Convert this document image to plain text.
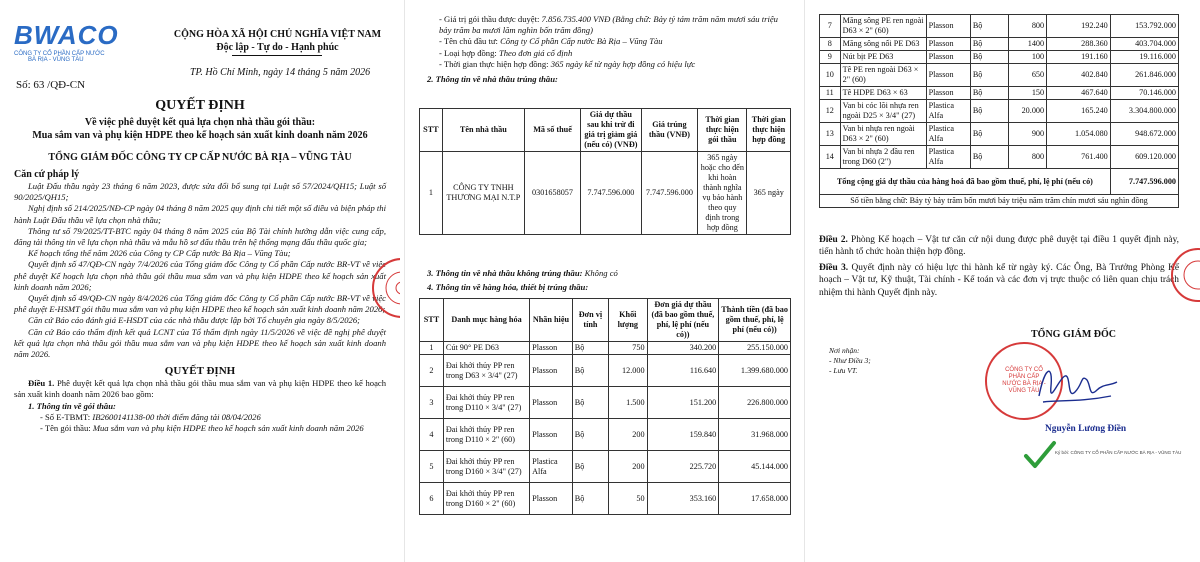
BWACO
CÔNG TY CỔ PHẦN CẤP NƯỚC
BÀ RỊA - VŨNG TÀU
Số: 63 /QĐ-CN
CỘNG HÒA XÃ HỘI CHỦ NGHĨA VIỆT NAM
Độc lập - Tự do - Hạnh phúc
TP. Hồ Chí Minh, ngày 14 tháng 5 năm 2026
QUYẾT ĐỊNH
Về việc phê duyệt kết quả lựa chọn nhà thầu gói thầu:
Mua sắm van và phụ kiện HDPE theo kế hoạch sản xuất kinh doanh năm 2026
TỔNG GIÁM ĐỐC CÔNG TY CP CẤP NƯỚC BÀ RỊA – VŨNG TÀU

Căn cứ pháp lý

Luật Đấu thầu ngày 23 tháng 6 năm 2023, được sửa đổi bổ sung tại Luật số 57/2024/QH15; Luật số 90/2025/QH15;

Nghị định số 214/2025/NĐ-CP ngày 04 tháng 8 năm 2025 quy định chi tiết một số điều và biện pháp thi hành Luật Đấu thầu về lựa chọn nhà thầu;

Thông tư số 79/2025/TT-BTC ngày 04 tháng 8 năm 2025 của Bộ Tài chính hướng dẫn việc cung cấp, đăng tải thông tin về lựa chọn nhà thầu và mẫu hồ sơ đấu thầu trên hệ thống mạng đấu thầu quốc gia;

Kế hoạch tổng thể năm 2026 của Công ty CP Cấp nước Bà Rịa – Vũng Tàu;

Quyết định số 47/QĐ-CN ngày 7/4/2026 của Tổng giám đốc Công ty Cổ phần Cấp nước BR-VT về việc phê duyệt Kế hoạch lựa chọn nhà thầu gói thầu mua sắm van và phụ kiện HDPE theo kế hoạch sản xuất kinh doanh năm 2026;

Quyết định số 49/QĐ-CN ngày 8/4/2026 của Tổng giám đốc Công ty Cổ phần Cấp nước BR-VT về việc phê duyệt E-HSMT gói thầu mua sắm van và phụ kiện HDPE theo kế hoạch sản xuất kinh doanh năm 2026;

Căn cứ Báo cáo đánh giá E-HSDT của các nhà thầu được lập bởi Tổ chuyên gia ngày 8/5/2026;

Căn cứ Báo cáo thẩm định kết quả LCNT của Tổ thẩm định ngày 11/5/2026 về việc đề nghị phê duyệt kết quả lựa chọn nhà thầu gói thầu mua sắm van và phụ kiện HDPE theo kế hoạch sản xuất kinh doanh năm 2026.

QUYẾT ĐỊNH

Điều 1. Phê duyệt kết quả lựa chọn nhà thầu gói thầu mua sắm van và phụ kiện HDPE theo kế hoạch sản xuất kinh doanh năm 2026 bao gồm:

1. Thông tin về gói thầu:

- Số E-TBMT: IB2600141138-00 thời điểm đăng tải 08/04/2026

- Tên gói thầu: Mua sắm van và phụ kiện HDPE theo kế hoạch sản xuất kinh doanh năm 2026

- Giá trị gói thầu được duyệt: 7.856.735.400 VNĐ (Bằng chữ: Bảy tỷ tám trăm năm mươi sáu triệu bảy trăm ba mươi lăm nghìn bốn trăm đồng)

- Tên chủ đầu tư: Công ty Cổ phần Cấp nước Bà Rịa – Vũng Tàu

- Loại hợp đồng: Theo đơn giá cố định

- Thời gian thực hiện hợp đồng: 365 ngày kể từ ngày hợp đồng có hiệu lực

2. Thông tin về nhà thầu trúng thầu:

STT	Tên nhà thầu	Mã số thuế	Giá dự thầu sau khi trừ đi giá trị giảm giá (nếu có) (VNĐ)	Giá trúng thầu (VNĐ)	Thời gian thực hiện gói thầu	Thời gian thực hiện hợp đồng
1	CÔNG TY TNHH THƯƠNG MẠI N.T.P	0301658057	7.747.596.000	7.747.596.000	365 ngày hoặc cho đến khi hoàn thành nghĩa vụ bảo hành theo quy định trong hợp đồng	365 ngày
3. Thông tin về nhà thầu không trúng thầu: Không có
4. Thông tin về hàng hóa, thiết bị trúng thầu:
STT	Danh mục hàng hóa	Nhãn hiệu	Đơn vị tính	Khối lượng	Đơn giá dự thầu (đã bao gồm thuế, phí, lệ phí (nếu có))	Thành tiền (đã bao gồm thuế, phí, lệ phí (nếu có))
1	Cút 90° PE D63	Plasson	Bộ	750	340.200	255.150.000
2	Đai khởi thủy PP ren trong D63 × 3/4" (27)	Plasson	Bộ	12.000	116.640	1.399.680.000
3	Đai khởi thủy PP ren trong D110 × 3/4" (27)	Plasson	Bộ	1.500	151.200	226.800.000
4	Đai khởi thủy PP ren trong D110 × 2" (60)	Plasson	Bộ	200	159.840	31.968.000
5	Đai khởi thủy PP ren trong D160 × 3/4" (27)	Plastica Alfa	Bộ	200	225.720	45.144.000
6	Đai khởi thủy PP ren trong D160 × 2" (60)	Plasson	Bộ	50	353.160	17.658.000
7	Măng sông PE ren ngoài D63 × 2" (60)	Plasson	Bộ	800	192.240	153.792.000
8	Măng sông nối PE D63	Plasson	Bộ	1400	288.360	403.704.000
9	Nút bịt PE D63	Plasson	Bộ	100	191.160	19.116.000
10	Tê PE ren ngoài D63 × 2" (60)	Plasson	Bộ	650	402.840	261.846.000
11	Tê HDPE D63 × 63	Plasson	Bộ	150	467.640	70.146.000
12	Van bi cóc lõi nhựa ren ngoài D25 × 3/4" (27)	Plastica Alfa	Bộ	20.000	165.240	3.304.800.000
13	Van bi nhựa ren ngoài D63 × 2" (60)	Plastica Alfa	Bộ	900	1.054.080	948.672.000
14	Van bi nhựa 2 đầu ren trong D60 (2")	Plastica Alfa	Bộ	800	761.400	609.120.000
Tổng cộng giá dự thầu của hàng hoá đã bao gồm thuế, phí, lệ phí (nếu có)						7.747.596.000
Số tiền bằng chữ: Bảy tỷ bảy trăm bốn mươi bảy triệu năm trăm chín mươi sáu nghìn đồng						

Điều 2. Phòng Kế hoạch – Vật tư căn cứ nội dung được phê duyệt tại điều 1 quyết định này, tiến hành tổ chức hoàn thiện hợp đồng.

Điều 3. Quyết định này có hiệu lực thi hành kể từ ngày ký. Các Ông, Bà Trưởng Phòng Kế hoạch – Vật tư, Kỹ thuật, Tài chính - Kế toán và các đơn vị trực thuộc có liên quan chịu trách nhiệm thi hành Quyết định này.

TỔNG GIÁM ĐỐC
Nơi nhận:
- Như Điều 3;
- Lưu VT.	CÔNG TY CỔ PHẦN CẤP NƯỚC BÀ RỊA - VŨNG TÀU
Nguyễn Lương Điền
Ký bởi: CÔNG TY CỔ PHẦN CẤP NƯỚC BÀ RỊA - VŨNG TÀU
